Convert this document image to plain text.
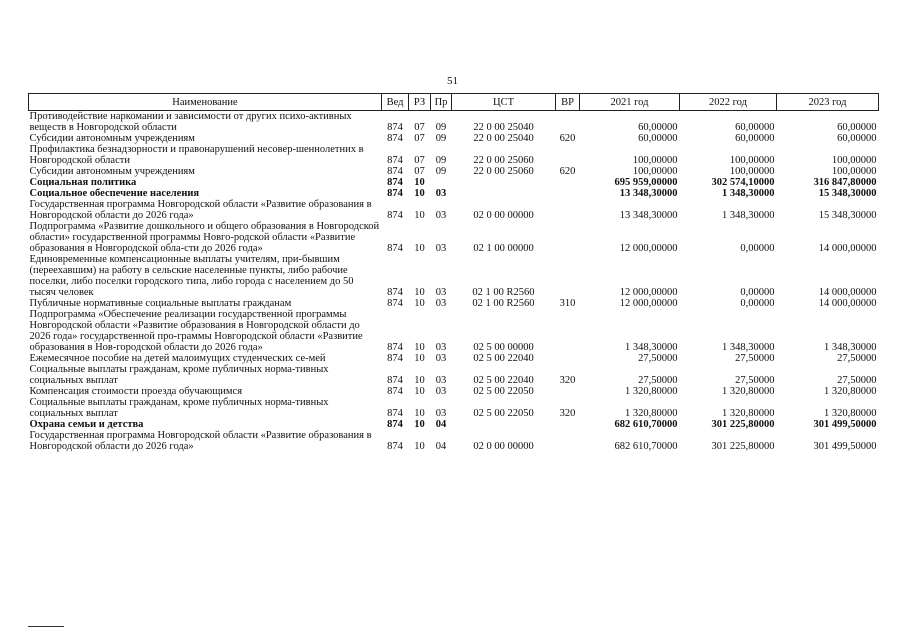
51
Наименование	Вед	РЗ	Пр	ЦСТ	ВР	2021 год	2022 год	2023 год
Противодействие наркомании и зависимости от других психо-активных веществ в Новгородской области	874	07	09	22 0 00 25040		60,00000	60,00000	60,00000
Субсидии автономным учреждениям	874	07	09	22 0 00 25040	620	60,00000	60,00000	60,00000
Профилактика безнадзорности и правонарушений несовер-шеннолетних в Новгородской области	874	07	09	22 0 00 25060		100,00000	100,00000	100,00000
Субсидии автономным учреждениям	874	07	09	22 0 00 25060	620	100,00000	100,00000	100,00000
Социальная политика	874	10				695 959,00000	302 574,10000	316 847,80000
Социальное обеспечение населения	874	10	03			13 348,30000	1 348,30000	15 348,30000
Государственная программа Новгородской области «Развитие образования в Новгородской области до 2026 года»	874	10	03	02 0 00 00000		13 348,30000	1 348,30000	15 348,30000
Подпрограмма «Развитие дошкольного и общего образования в Новгородской области» государственной программы Новго-родской области «Развитие образования в Новгородской обла-сти до 2026 года»	874	10	03	02 1 00 00000		12 000,00000	0,00000	14 000,00000
Единовременные компенсационные выплаты учителям, при-бывшим (переехавшим) на работу в сельские населенные пункты, либо рабочие поселки, либо поселки городского типа, либо города с населением до 50 тысяч человек	874	10	03	02 1 00 R2560		12 000,00000	0,00000	14 000,00000
Публичные нормативные социальные выплаты гражданам	874	10	03	02 1 00 R2560	310	12 000,00000	0,00000	14 000,00000
Подпрограмма «Обеспечение реализации государственной программы Новгородской области «Развитие образования в Новгородской области до 2026 года» государственной про-граммы Новгородской области «Развитие образования в Нов-городской области до 2026 года»	874	10	03	02 5 00 00000		1 348,30000	1 348,30000	1 348,30000
Ежемесячное пособие на детей малоимущих студенческих се-мей	874	10	03	02 5 00 22040		27,50000	27,50000	27,50000
Социальные выплаты гражданам, кроме публичных норма-тивных социальных выплат	874	10	03	02 5 00 22040	320	27,50000	27,50000	27,50000
Компенсация стоимости проезда обучающимся	874	10	03	02 5 00 22050		1 320,80000	1 320,80000	1 320,80000
Социальные выплаты гражданам, кроме публичных норма-тивных социальных выплат	874	10	03	02 5 00 22050	320	1 320,80000	1 320,80000	1 320,80000
Охрана семьи и детства	874	10	04			682 610,70000	301 225,80000	301 499,50000
Государственная программа Новгородской области «Развитие образования в Новгородской области до 2026 года»	874	10	04	02 0 00 00000		682 610,70000	301 225,80000	301 499,50000
